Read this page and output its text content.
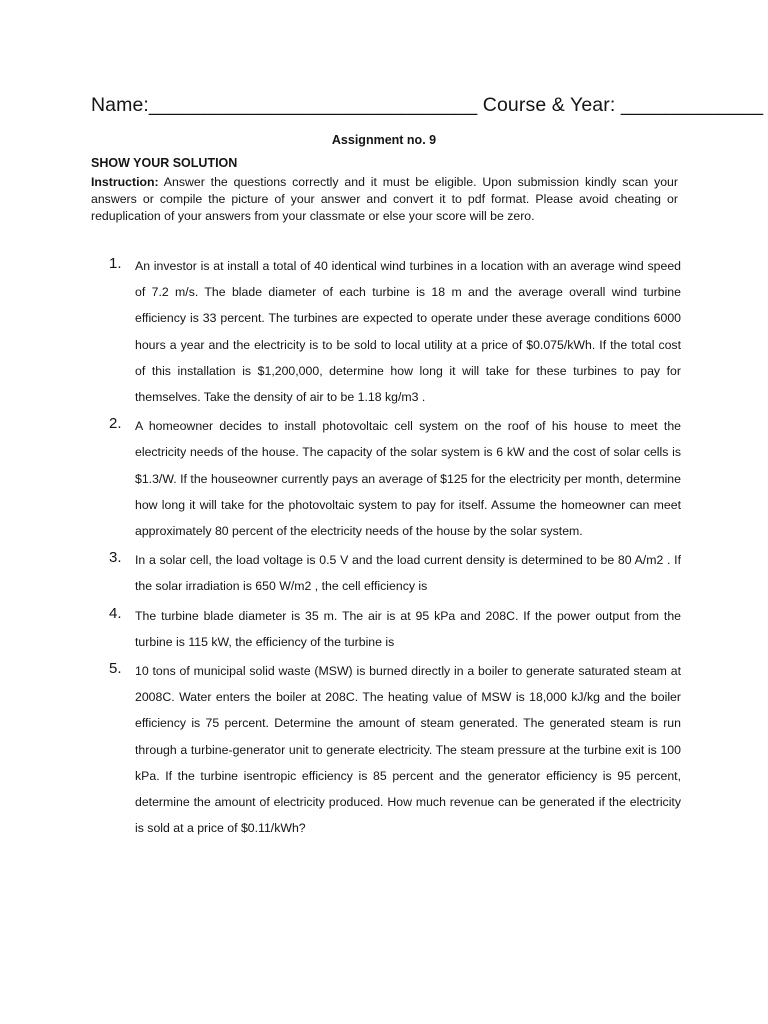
Name:______________________________ Course & Year: _____________
Assignment no. 9
SHOW YOUR SOLUTION
Instruction: Answer the questions correctly and it must be eligible. Upon submission kindly scan your answers or compile the picture of your answer and convert it to pdf format. Please avoid cheating or reduplication of your answers from your classmate or else your score will be zero.
1. An investor is at install a total of 40 identical wind turbines in a location with an average wind speed of 7.2 m/s. The blade diameter of each turbine is 18 m and the average overall wind turbine efficiency is 33 percent. The turbines are expected to operate under these average conditions 6000 hours a year and the electricity is to be sold to local utility at a price of $0.075/kWh. If the total cost of this installation is $1,200,000, determine how long it will take for these turbines to pay for themselves. Take the density of air to be 1.18 kg/m3 .
2. A homeowner decides to install photovoltaic cell system on the roof of his house to meet the electricity needs of the house. The capacity of the solar system is 6 kW and the cost of solar cells is $1.3/W. If the houseowner currently pays an average of $125 for the electricity per month, determine how long it will take for the photovoltaic system to pay for itself. Assume the homeowner can meet approximately 80 percent of the electricity needs of the house by the solar system.
3. In a solar cell, the load voltage is 0.5 V and the load current density is determined to be 80 A/m2 . If the solar irradiation is 650 W/m2 , the cell efficiency is
4. The turbine blade diameter is 35 m. The air is at 95 kPa and 208C. If the power output from the turbine is 115 kW, the efficiency of the turbine is
5. 10 tons of municipal solid waste (MSW) is burned directly in a boiler to generate saturated steam at 2008C. Water enters the boiler at 208C. The heating value of MSW is 18,000 kJ/kg and the boiler efficiency is 75 percent. Determine the amount of steam generated. The generated steam is run through a turbine-generator unit to generate electricity. The steam pressure at the turbine exit is 100 kPa. If the turbine isentropic efficiency is 85 percent and the generator efficiency is 95 percent, determine the amount of electricity produced. How much revenue can be generated if the electricity is sold at a price of $0.11/kWh?
